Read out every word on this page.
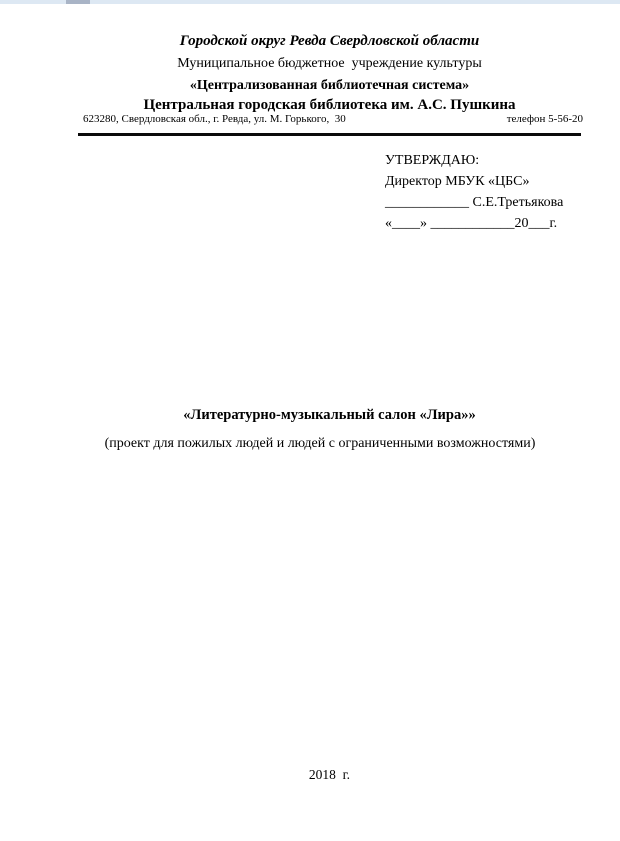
Городской округ Ревда Свердловской области
Муниципальное бюджетное  учреждение культуры
«Централизованная библиотечная система»
Центральная городская библиотека им. А.С. Пушкина
623280, Свердловская обл., г. Ревда, ул. М. Горького,  30	телефон 5-56-20
УТВЕРЖДАЮ:
Директор МБУК «ЦБС»
____________ С.Е.Третьякова
«____» ____________20___г.
«Литературно-музыкальный салон «Лира»»
(проект для пожилых людей и людей с ограниченными возможностями)
2018  г.
